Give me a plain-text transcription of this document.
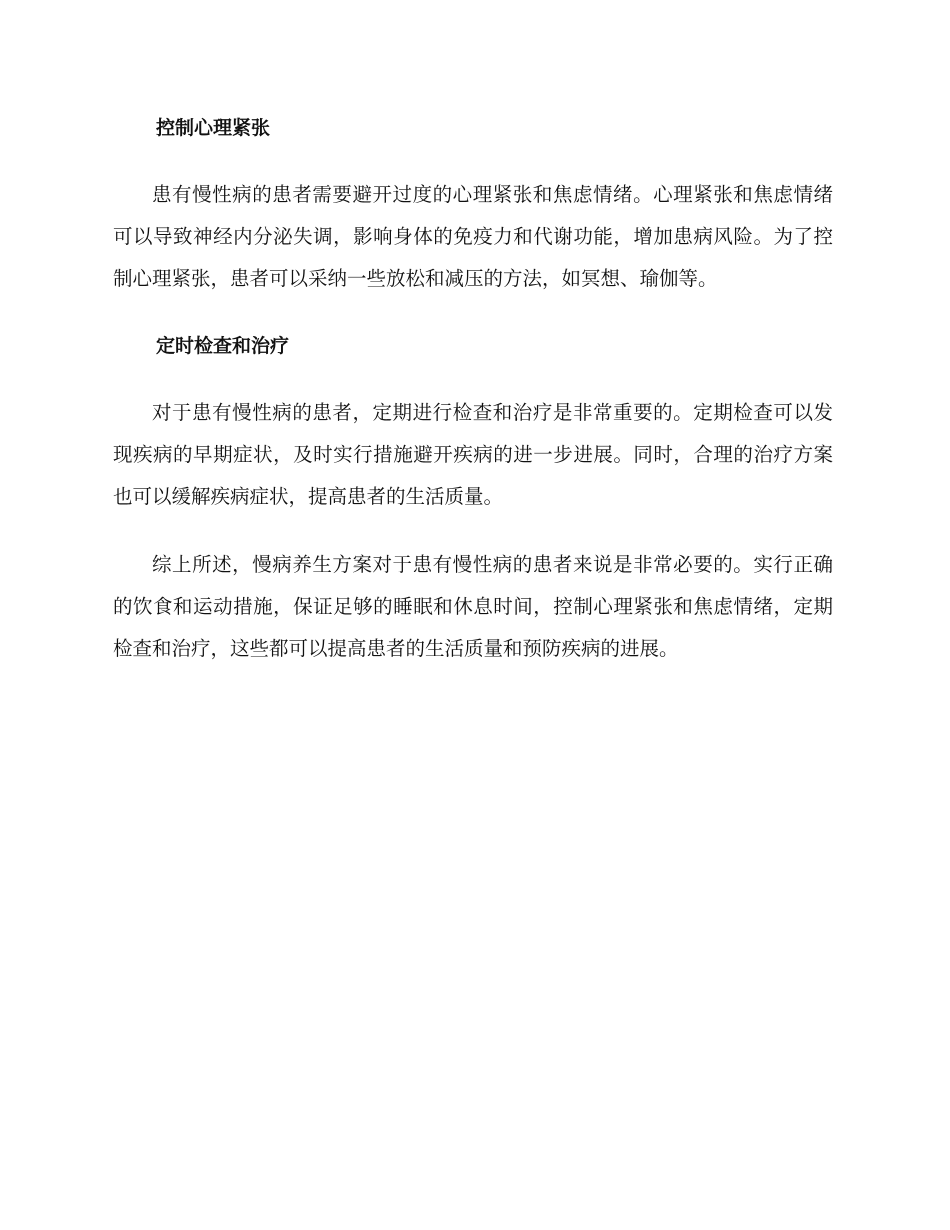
控制心理紧张

患有慢性病的患者需要避开过度的心理紧张和焦虑情绪。心理紧张和焦虑情绪可以导致神经内分泌失调，影响身体的免疫力和代谢功能，增加患病风险。为了控制心理紧张，患者可以采纳一些放松和减压的方法，如冥想、瑜伽等。

定时检查和治疗

对于患有慢性病的患者，定期进行检查和治疗是非常重要的。定期检查可以发现疾病的早期症状，及时实行措施避开疾病的进一步进展。同时，合理的治疗方案也可以缓解疾病症状，提高患者的生活质量。

综上所述，慢病养生方案对于患有慢性病的患者来说是非常必要的。实行正确的饮食和运动措施，保证足够的睡眠和休息时间，控制心理紧张和焦虑情绪，定期检查和治疗，这些都可以提高患者的生活质量和预防疾病的进展。
